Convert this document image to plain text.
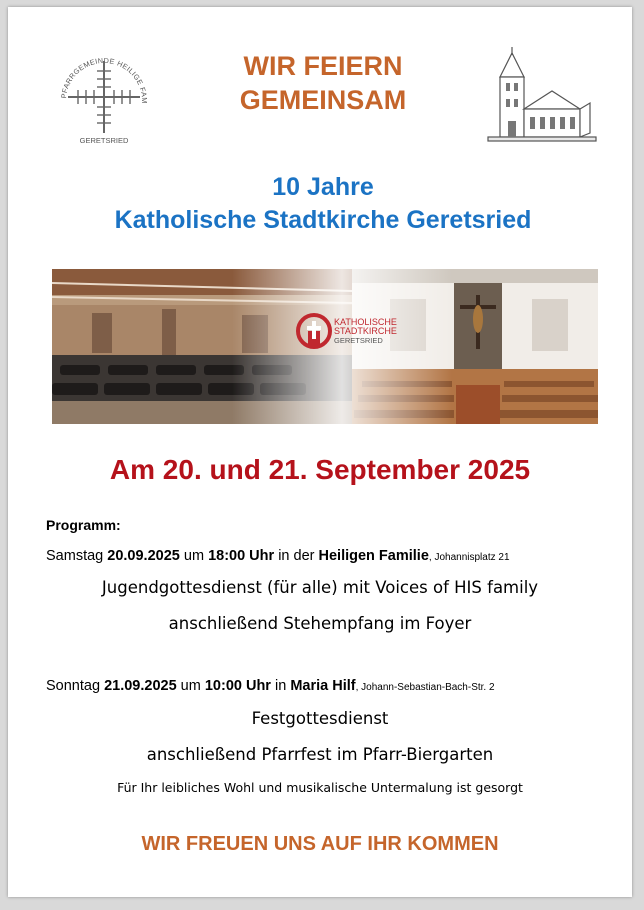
PFARRGEMEINDE HEILIGE FAM
GERETSRIED
WIR FEIERN
GEMEINSAM
10 Jahre
Katholische Stadtkirche Geretsried
KATHOLISCHE
STADTKIRCHE
GERETSRIED
Am 20. und 21. September 2025
Programm:
Samstag 20.09.2025 um 18:00 Uhr in der Heiligen Familie, Johannisplatz 21
Jugendgottesdienst (für alle) mit Voices of HIS family
anschließend Stehempfang im Foyer
Sonntag 21.09.2025 um 10:00 Uhr in Maria Hilf, Johann-Sebastian-Bach-Str. 2
Festgottesdienst
anschließend Pfarrfest im Pfarr-Biergarten
Für Ihr leibliches Wohl und musikalische Untermalung ist gesorgt
WIR FREUEN UNS AUF IHR KOMMEN
